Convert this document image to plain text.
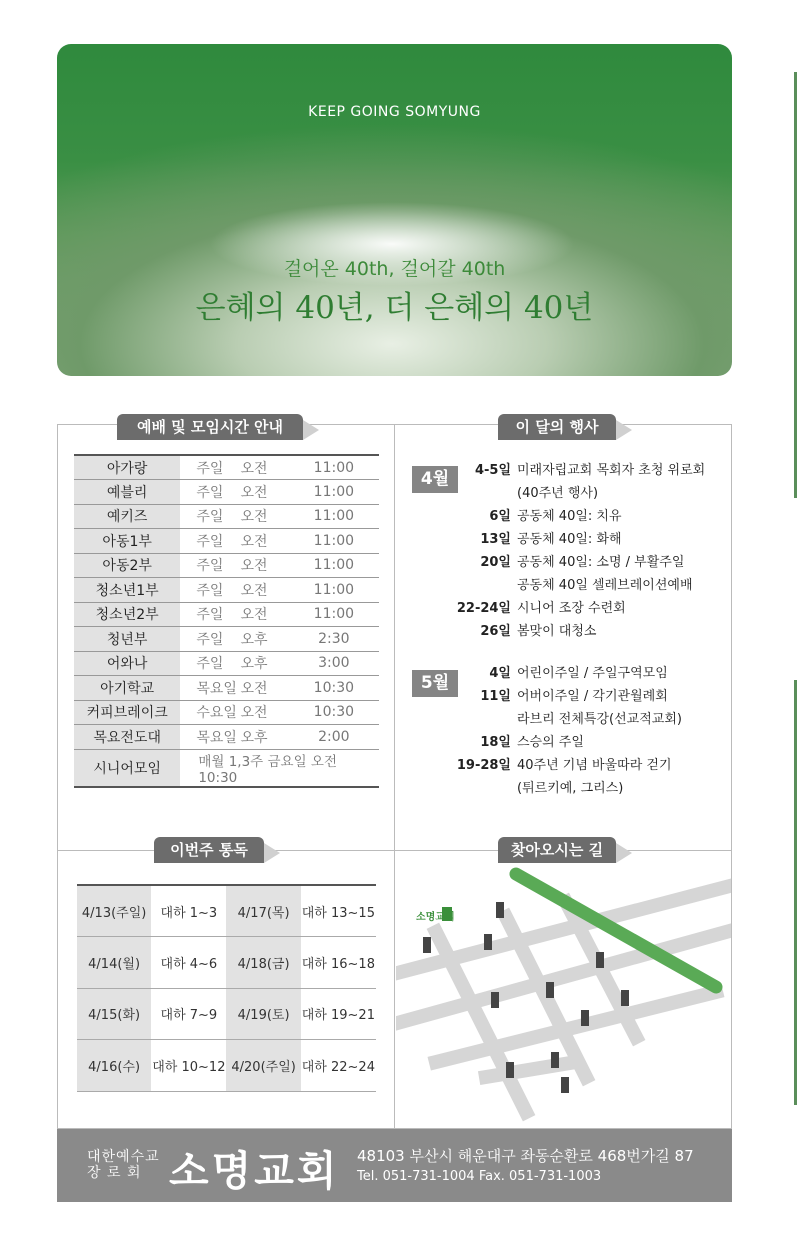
KEEP GOING SOMYUNG
걸어온 40th, 걸어갈 40th
은혜의 40년, 더 은혜의 40년
예배 및 모임시간 안내
아가랑	주일	오전	11:00
예블리	주일	오전	11:00
예키즈	주일	오전	11:00
아동1부	주일	오전	11:00
아동2부	주일	오전	11:00
청소년1부	주일	오전	11:00
청소년2부	주일	오전	11:00
청년부	주일	오후	2:30
어와나	주일	오후	3:00
아기학교	목요일	오전	10:30
커피브레이크	수요일	오전	10:30
목요전도대	목요일	오후	2:00
시니어모임	매월 1,3주 금요일 오전 10:30		
이 달의 행사
4월	4-5일 미래자립교회 목회자 초청 위로회
(40주년 행사)
6일 공동체 40일: 치유
13일 공동체 40일: 화해
20일 공동체 40일: 소명 / 부활주일
공동체 40일 셀레브레이션예배
22-24일 시니어 조장 수련회
26일 봄맞이 대청소
5월	4일 어린이주일 / 주일구역모임
11일 어버이주일 / 각기관월례회
라브리 전체특강(선교적교회)
18일 스승의 주일
19-28일 40주년 기념 바울따라 걷기
(튀르키예, 그리스)
이번주 통독
4/13(주일)	대하 1~3	4/17(목)	대하 13~15
4/14(월)	대하 4~6	4/18(금)	대하 16~18
4/15(화)	대하 7~9	4/19(토)	대하 19~21
4/16(수)	대하 10~12	4/20(주일)	대하 22~24
찾아오시는 길
소명교회
대한예수교
장 로 회 소명교회 48103 부산시 해운대구 좌동순환로 468번가길 87
Tel. 051-731-1004 Fax. 051-731-1003
